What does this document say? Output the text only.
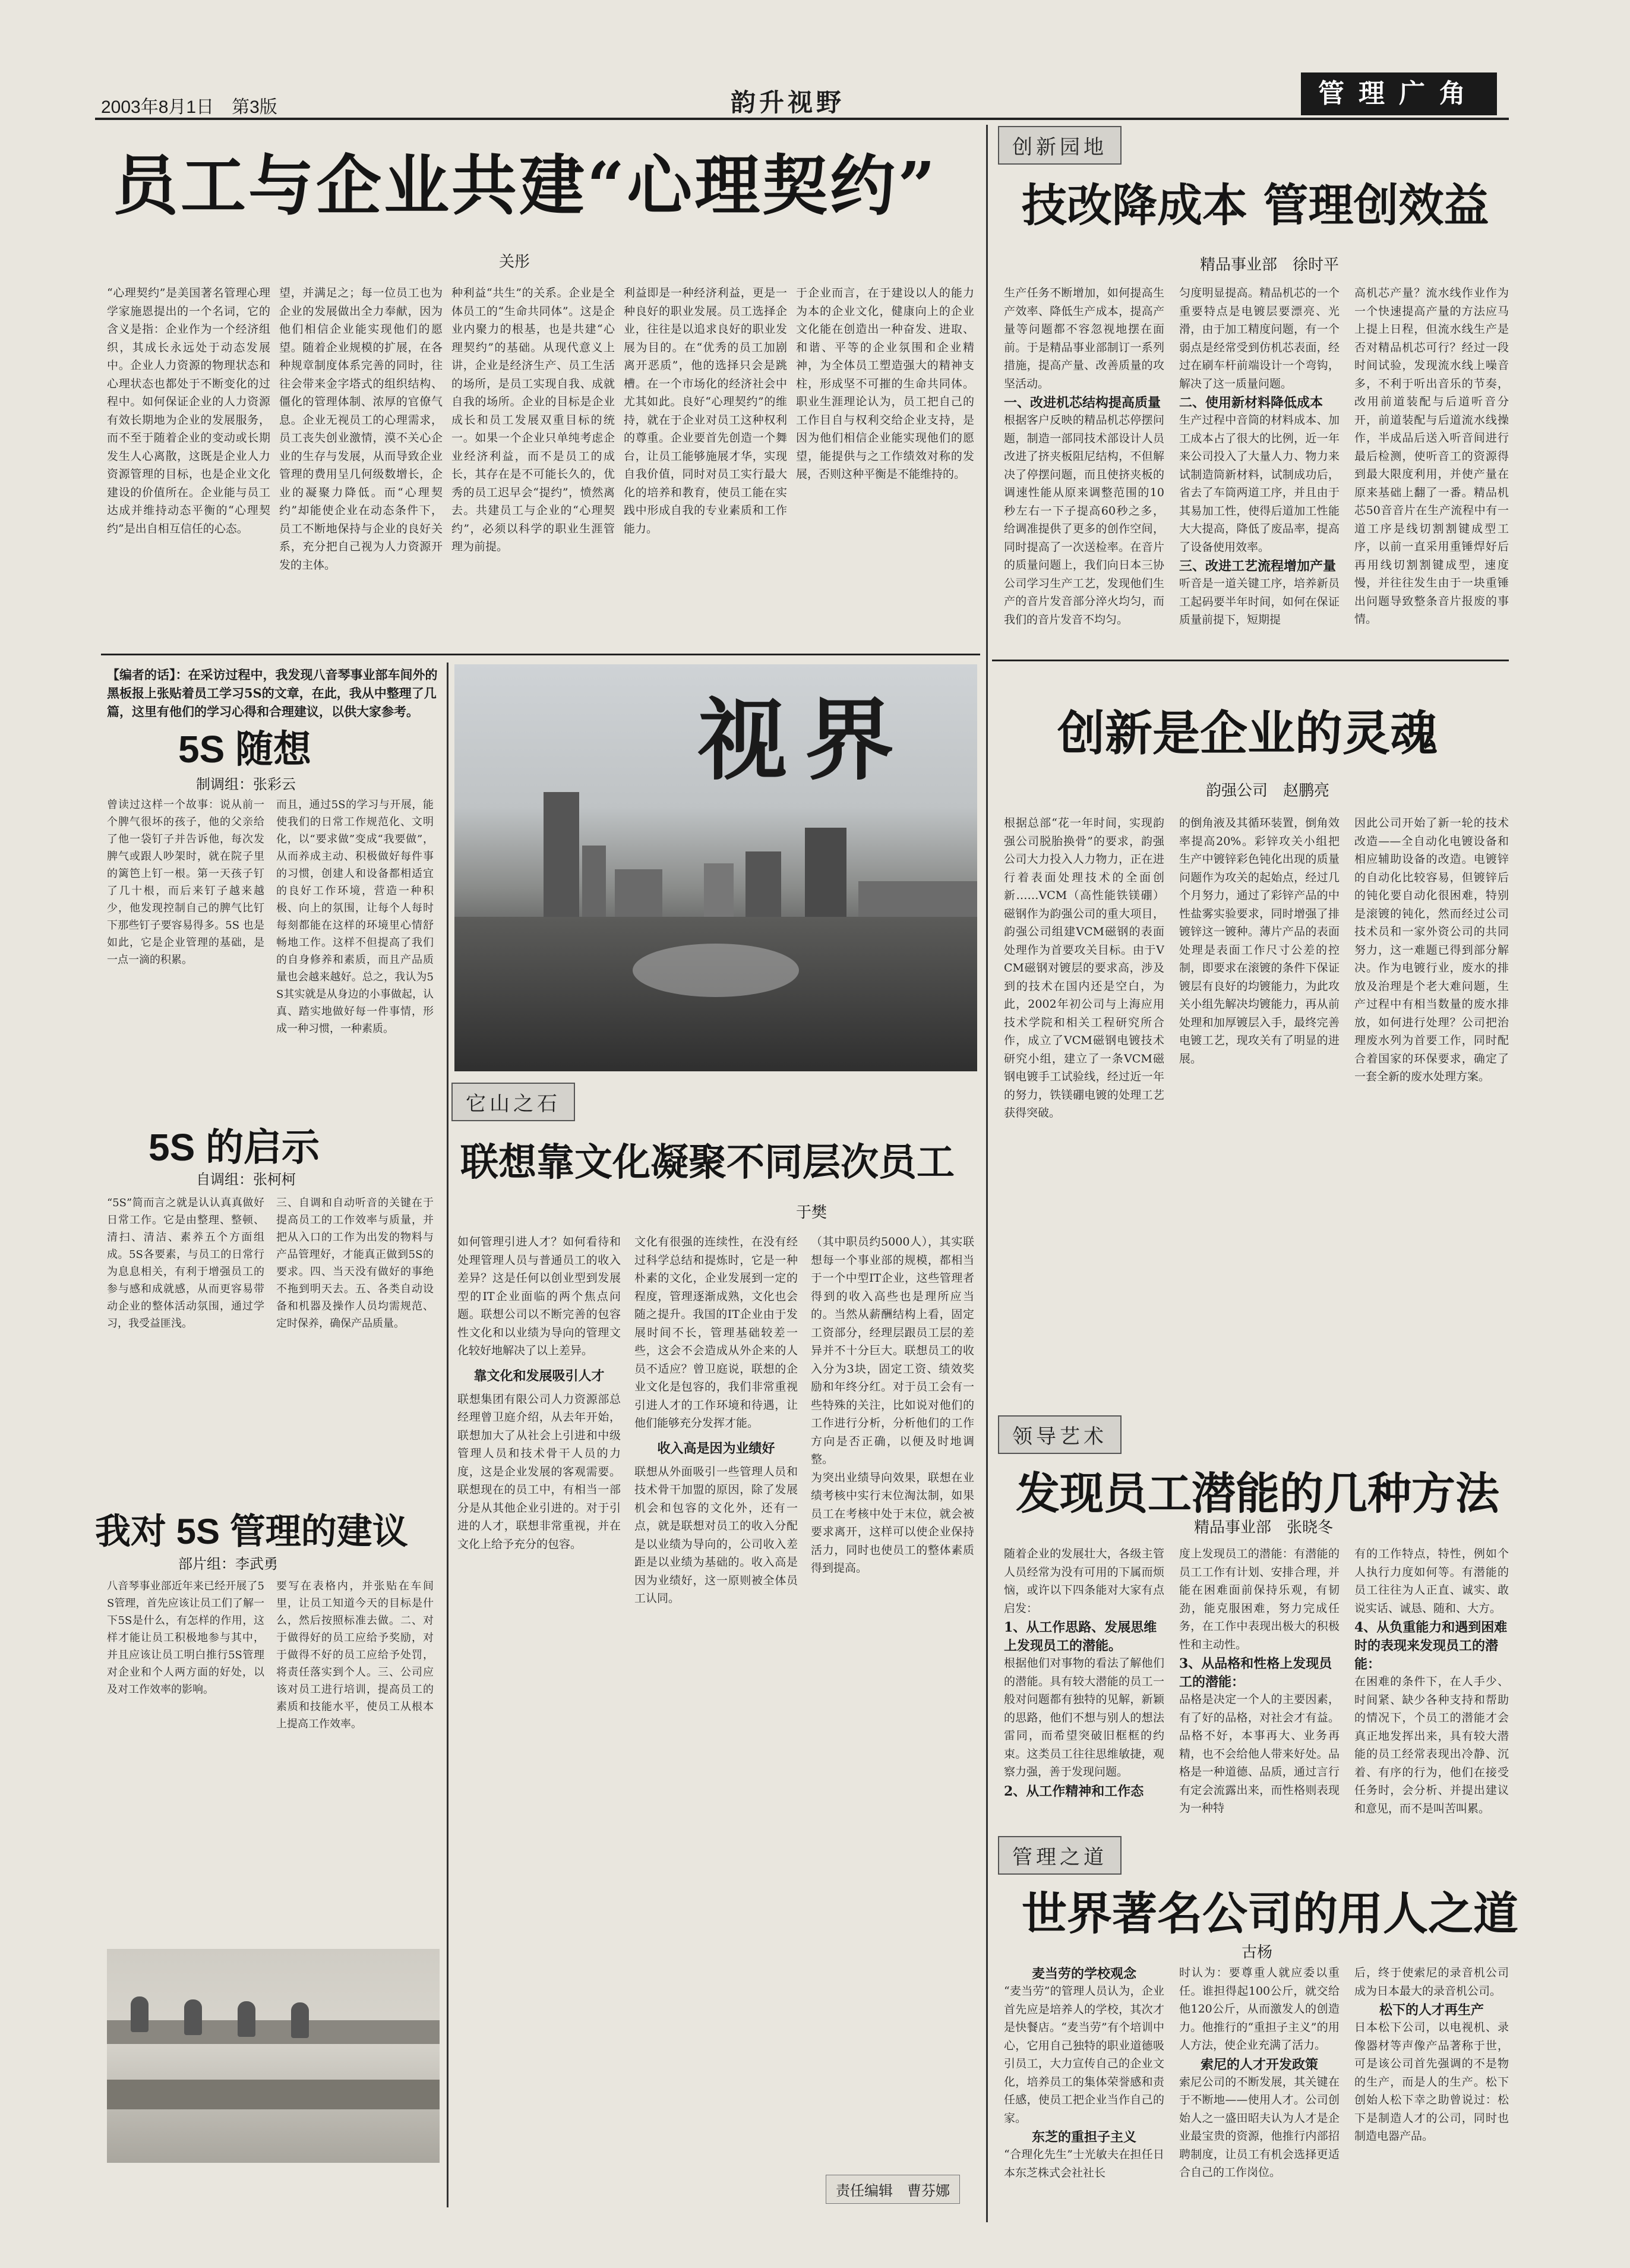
2003年8月1日　 第3版	韵升视野	管理广角
员工与企业共建“心理契约”
关彤
“心理契约”是美国著名管理心理学家施恩提出的一个名词，它的含义是指：企业作为一个经济组织，其成长永远处于动态发展中。企业人力资源的物理状态和心理状态也都处于不断变化的过程中。如何保证企业的人力资源有效长期地为企业的发展服务，而不至于随着企业的变动或长期发生人心离散，这既是企业人力资源管理的目标，也是企业文化建设的价值所在。企业能与员工达成并维持动态平衡的“心理契约”是出自相互信任的心态。
望，并满足之；每一位员工也为企业的发展做出全力奉献，因为他们相信企业能实现他们的愿望。随着企业规模的扩展，在各种规章制度体系完善的同时，往往会带来金字塔式的组织结构、僵化的管理体制、浓厚的官僚气息。企业无视员工的心理需求，员工丧失创业激情，漠不关心企业的生存与发展，从而导致企业管理的费用呈几何级数增长，企业的凝聚力降低。而“心理契约”却能使企业在动态条件下，员工不断地保持与企业的良好关系，充分把自己视为人力资源开发的主体。
种利益“共生”的关系。企业是全体员工的“生命共同体”。这是企业内聚力的根基，也是共建“心理契约”的基础。从现代意义上讲，企业是经济生产、员工生活的场所，是员工实现自我、成就自我的场所。企业的目标是企业成长和员工发展双重目标的统一。如果一个企业只单纯考虑企业经济利益，而不是员工的成长，其存在是不可能长久的，优秀的员工迟早会“提约”，愤然离去。共建员工与企业的“心理契约”，必须以科学的职业生涯管理为前提。
利益即是一种经济利益，更是一种良好的职业发展。员工选择企业，往往是以追求良好的职业发展为目的。在“优秀的员工加剧离开恶质”，他的选择只会是跳槽。在一个市场化的经济社会中尤其如此。良好“心理契约”的维持，就在于企业对员工这种权利的尊重。企业要首先创造一个舞台，让员工能够施展才华，实现自我价值，同时对员工实行最大化的培养和教育，使员工能在实践中形成自我的专业素质和工作能力。
于企业而言，在于建设以人的能力为本的企业文化，健康向上的企业文化能在创造出一种奋发、进取、和谐、平等的企业氛围和企业精神，为全体员工塑造强大的精神支柱，形成坚不可摧的生命共同体。职业生涯理论认为，员工把自己的工作目自与权利交给企业支持，是因为他们相信企业能实现他们的愿望，能提供与之工作绩效对称的发展，否则这种平衡是不能维持的。
创新园地
技改降成本 管理创效益
精品事业部　徐时平
生产任务不断增加，如何提高生产效率、降低生产成本，提高产量等问题都不容忽视地摆在面前。于是精品事业部制订一系列措施，提高产量、改善质量的攻坚活动。
一、改进机芯结构提高质量
根据客户反映的精品机芯停摆问题，制造一部同技术部设计人员改进了挤夹板阻尼结构，不但解决了停摆问题，而且使挤夹板的调速性能从原来调整范围的10秒左右一下子提高60秒之多，给调准提供了更多的创作空间，同时提高了一次送检率。在音片的质量问题上，我们向日本三协公司学习生产工艺，发现他们生产的音片发音部分淬火均匀，而我们的音片发音不均匀。
匀度明显提高。精品机芯的一个重要特点是电镀层要漂亮、光滑，由于加工精度问题，有一个弱点是经常受到仿机芯表面，经过在刷车杆前端设计一个弯钩，解决了这一质量问题。
二、使用新材料降低成本
生产过程中音筒的材料成本、加工成本占了很大的比例，近一年来公司投入了大量人力、物力来试制造筒新材料，试制成功后，省去了车筒两道工序，并且由于其易加工性，使得后道加工性能大大提高，降低了废品率，提高了设备使用效率。
三、改进工艺流程增加产量
听音是一道关键工序，培养新员工起码要半年时间，如何在保证质量前提下，短期提
高机芯产量？流水线作业作为一个快速提高产量的方法应马上提上日程，但流水线生产是否对精品机芯可行？经过一段时间试验，发现流水线上噪音多，不利于听出音乐的节奏，改用前道装配与后道听音分开，前道装配与后道流水线操作，半成品后送入听音间进行最后检测，使听音工的资源得到最大限度利用，并使产量在原来基础上翻了一番。精品机芯50音音片在生产流程中有一道工序是线切割割键成型工序，以前一直采用重锤焊好后再用线切割割键成型，速度慢，并往往发生由于一块重锤出问题导致整条音片报废的事情。
【编者的话】：在采访过程中，我发现八音琴事业部车间外的黑板报上张贴着员工学习5S的文章，在此，我从中整理了几篇，这里有他们的学习心得和合理建议，以供大家参考。
5S 随想
制调组：张彩云
曾读过这样一个故事：说从前一个脾气很坏的孩子，他的父亲给了他一袋钉子并告诉他，每次发脾气或跟人吵架时，就在院子里的篱笆上钉一根。第一天孩子钉了几十根，而后来钉子越来越少，他发现控制自己的脾气比钉下那些钉子要容易得多。5S 也是如此，它是企业管理的基础，是一点一滴的积累。
而且，通过5S的学习与开展，能使我们的日常工作规范化、文明化，以“要求做”变成“我要做”，从而养成主动、积极做好每件事的习惯，创建人和设备都相适宜的良好工作环境，营造一种积极、向上的氛围，让每个人每时每刻都能在这样的环境里心情舒畅地工作。这样不但提高了我们的自身修养和素质，而且产品质量也会越来越好。总之，我认为5S其实就是从身边的小事做起，认真、踏实地做好每一件事情，形成一种习惯，一种素质。
5S 的启示
自调组：张柯柯
“5S”简而言之就是认认真真做好日常工作。它是由整理、整顿、清扫、清洁、素养五个方面组成。5S各要素，与员工的日常行为息息相关，有利于增强员工的参与感和成就感，从而更容易带动企业的整体活动氛围，通过学习，我受益匪浅。
三、自调和自动听音的关键在于提高员工的工作效率与质量，并把从入口的工作为出发的物料与产品管理好，才能真正做到5S的要求。四、当天没有做好的事绝不拖到明天去。五、各类自动设备和机器及操作人员均需规范、定时保养，确保产品质量。
我对 5S 管理的建议
部片组：李武勇
八音琴事业部近年来已经开展了5S管理，首先应该让员工们了解一下5S是什么，有怎样的作用，这样才能让员工积极地参与其中，并且应该让员工明白推行5S管理对企业和个人两方面的好处，以及对工作效率的影响。
要写在表格内，并张贴在车间里，让员工知道今天的目标是什么，然后按照标准去做。二、对于做得好的员工应给予奖励，对于做得不好的员工应给予处罚，将责任落实到个人。三、公司应该对员工进行培训，提高员工的素质和技能水平，使员工从根本上提高工作效率。
视界
它山之石
联想靠文化凝聚不同层次员工
于樊
如何管理引进人才？如何看待和处理管理人员与普通员工的收入差异？这是任何以创业型到发展型的IT企业面临的两个焦点问题。联想公司以不断完善的包容性文化和以业绩为导向的管理文化较好地解决了以上差异。
靠文化和发展吸引人才
联想集团有限公司人力资源部总经理曾卫庭介绍，从去年开始，联想加大了从社会上引进和中级管理人员和技术骨干人员的力度，这是企业发展的客观需要。联想现在的员工中，有相当一部分是从其他企业引进的。对于引进的人才，联想非常重视，并在文化上给予充分的包容。
文化有很强的连续性，在没有经过科学总结和提炼时，它是一种朴素的文化，企业发展到一定的程度，管理逐渐成熟，文化也会随之提升。我国的IT企业由于发展时间不长，管理基础较差一些，这会不会造成从外企来的人员不适应？曾卫庭说，联想的企业文化是包容的，我们非常重视引进人才的工作环境和待遇，让他们能够充分发挥才能。
收入高是因为业绩好
联想从外面吸引一些管理人员和技术骨干加盟的原因，除了发展机会和包容的文化外，还有一点，就是联想对员工的收入分配是以业绩为导向的，公司收入差距是以业绩为基础的。收入高是因为业绩好，这一原则被全体员工认同。
（其中职员约5000人），其实联想每一个事业部的规模，都相当于一个中型IT企业，这些管理者得到的收入高些也是理所应当的。当然从薪酬结构上看，固定工资部分，经理层跟员工层的差异并不十分巨大。联想员工的收入分为3块，固定工资、绩效奖励和年终分红。对于员工会有一些特殊的关注，比如说对他们的工作进行分析，分析他们的工作方向是否正确，以便及时地调整。
为突出业绩导向效果，联想在业绩考核中实行末位淘汰制，如果员工在考核中处于末位，就会被要求离开，这样可以使企业保持活力，同时也使员工的整体素质得到提高。
责任编辑　曹芬娜
创新是企业的灵魂
韵强公司　赵鹏亮
根据总部“花一年时间，实现韵强公司脱胎换骨”的要求，韵强公司大力投入人力物力，正在进行着表面处理技术的全面创新……VCM（高性能铁镁硼）磁钢作为韵强公司的重大项目，韵强公司组建VCM磁钢的表面处理作为首要攻关目标。由于VCM磁钢对镀层的要求高，涉及到的技术在国内还是空白，为此，2002年初公司与上海应用技术学院和相关工程研究所合作，成立了VCM磁钢电镀技术研究小组，建立了一条VCM磁钢电镀手工试验线，经过近一年的努力，铁镁硼电镀的处理工艺获得突破。
的倒角液及其循环装置，倒角效率提高20%。彩锌攻关小组把生产中镀锌彩色钝化出现的质量问题作为攻关的起始点，经过几个月努力，通过了彩锌产品的中性盐雾实验要求，同时增强了排镀锌这一镀种。薄片产品的表面处理是表面工作尺寸公差的控制，即要求在滚镀的条件下保证镀层有良好的均镀能力，为此攻关小组先解决均镀能力，再从前处理和加厚镀层入手，最终完善电镀工艺，现攻关有了明显的进展。
因此公司开始了新一轮的技术改造——全自动化电镀设备和相应辅助设备的改造。电镀锌的自动化比较容易，但镀锌后的钝化要自动化很困难，特别是滚镀的钝化，然而经过公司技术员和一家外资公司的共同努力，这一难题已得到部分解决。作为电镀行业，废水的排放及治理是个老大难问题，生产过程中有相当数量的废水排放，如何进行处理？公司把治理废水列为首要工作，同时配合着国家的环保要求，确定了一套全新的废水处理方案。
领导艺术
发现员工潜能的几种方法
精品事业部　张晓冬
随着企业的发展壮大，各级主管人员经常为没有可用的下属而烦恼，或许以下四条能对大家有点启发：
1、从工作思路、发展思维上发现员工的潜能。
根据他们对事物的看法了解他们的潜能。具有较大潜能的员工一般对问题都有独特的见解，新颖的思路，他们不想与别人的想法雷同，而希望突破旧框框的约束。这类员工往往思维敏捷，观察力强，善于发现问题。
2、从工作精神和工作态
度上发现员工的潜能：有潜能的员工工作有计划、安排合理，并能在困难面前保持乐观，有韧劲，能克服困难，努力完成任务，在工作中表现出极大的积极性和主动性。
3、从品格和性格上发现员工的潜能：
品格是决定一个人的主要因素，有了好的品格，对社会才有益。品格不好，本事再大、业务再精，也不会给他人带来好处。品格是一种道德、品质，通过言行有定会流露出来，而性格则表现为一种特
有的工作特点，特性，例如个人执行力度如何等。有潜能的员工往往为人正直、诚实、敢说实话、诚恳、随和、大方。
4、从负重能力和遇到困难时的表现来发现员工的潜能：
在困难的条件下，在人手少、时间紧、缺少各种支持和帮助的情况下，个员工的潜能才会真正地发挥出来，具有较大潜能的员工经常表现出冷静、沉着、有序的行为，他们在接受任务时，会分析、并提出建议和意见，而不是叫苦叫累。
管理之道
世界著名公司的用人之道
古杨
麦当劳的学校观念
“麦当劳”的管理人员认为，企业首先应是培养人的学校，其次才是快餐店。“麦当劳”有个培训中心，它用自己独特的职业道德吸引员工，大力宣传自己的企业文化，培养员工的集体荣誉感和责任感，使员工把企业当作自己的家。
东芝的重担子主义
“合理化先生”士光敏夫在担任日本东芝株式会社社长
时认为：要尊重人就应委以重任。谁担得起100公斤，就交给他120公斤，从而激发人的创造力。他推行的“重担子主义”的用人方法，使企业充满了活力。
索尼的人才开发政策
索尼公司的不断发展，其关键在于不断地——使用人才。公司创始人之一盛田昭夫认为人才是企业最宝贵的资源，他推行内部招聘制度，让员工有机会选择更适合自己的工作岗位。
后，终于使索尼的录音机公司成为日本最大的录音机公司。
松下的人才再生产
日本松下公司，以电视机、录像器材等声像产品著称于世，可是该公司首先强调的不是物的生产，而是人的生产。松下创始人松下幸之助曾说过：松下是制造人才的公司，同时也制造电器产品。
